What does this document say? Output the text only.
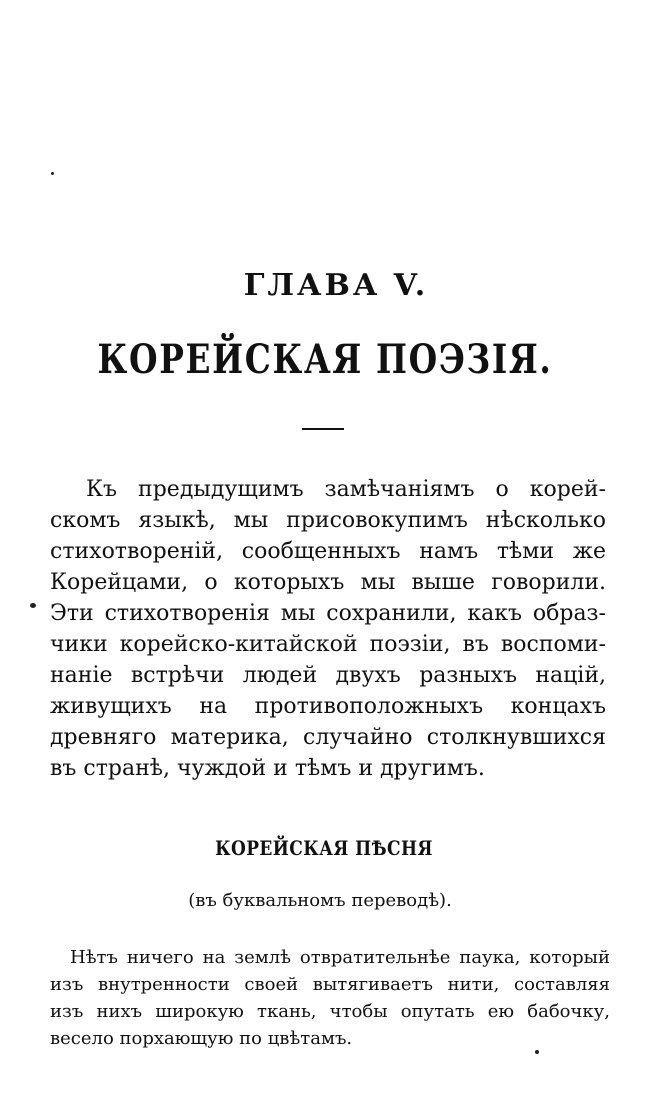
ГЛАВА V.
КОРЕЙСКАЯ ПОЭЗІЯ.
Къ предыдущимъ замѣчаніямъ о корей-
скомъ языкѣ, мы присовокупимъ нѣсколько
стихотвореній, сообщенныхъ намъ тѣми же
Корейцами, о которыхъ мы выше говорили.
Эти стихотворенія мы сохранили, какъ образ-
чики корейско-китайской поэзіи, въ воспоми-
наніе встрѣчи людей двухъ разныхъ націй,
живущихъ на противоположныхъ концахъ
древняго материка, случайно столкнувшихся
въ странѣ, чуждой и тѣмъ и другимъ.
КОРЕЙСКАЯ ПѢСНЯ
(въ буквальномъ переводѣ).
Нѣтъ ничего на землѣ отвратительнѣе паука, который
изъ внутренности своей вытягиваетъ нити, составляя
изъ нихъ широкую ткань, чтобы опутать ею бабочку,
весело порхающую по цвѣтамъ.
